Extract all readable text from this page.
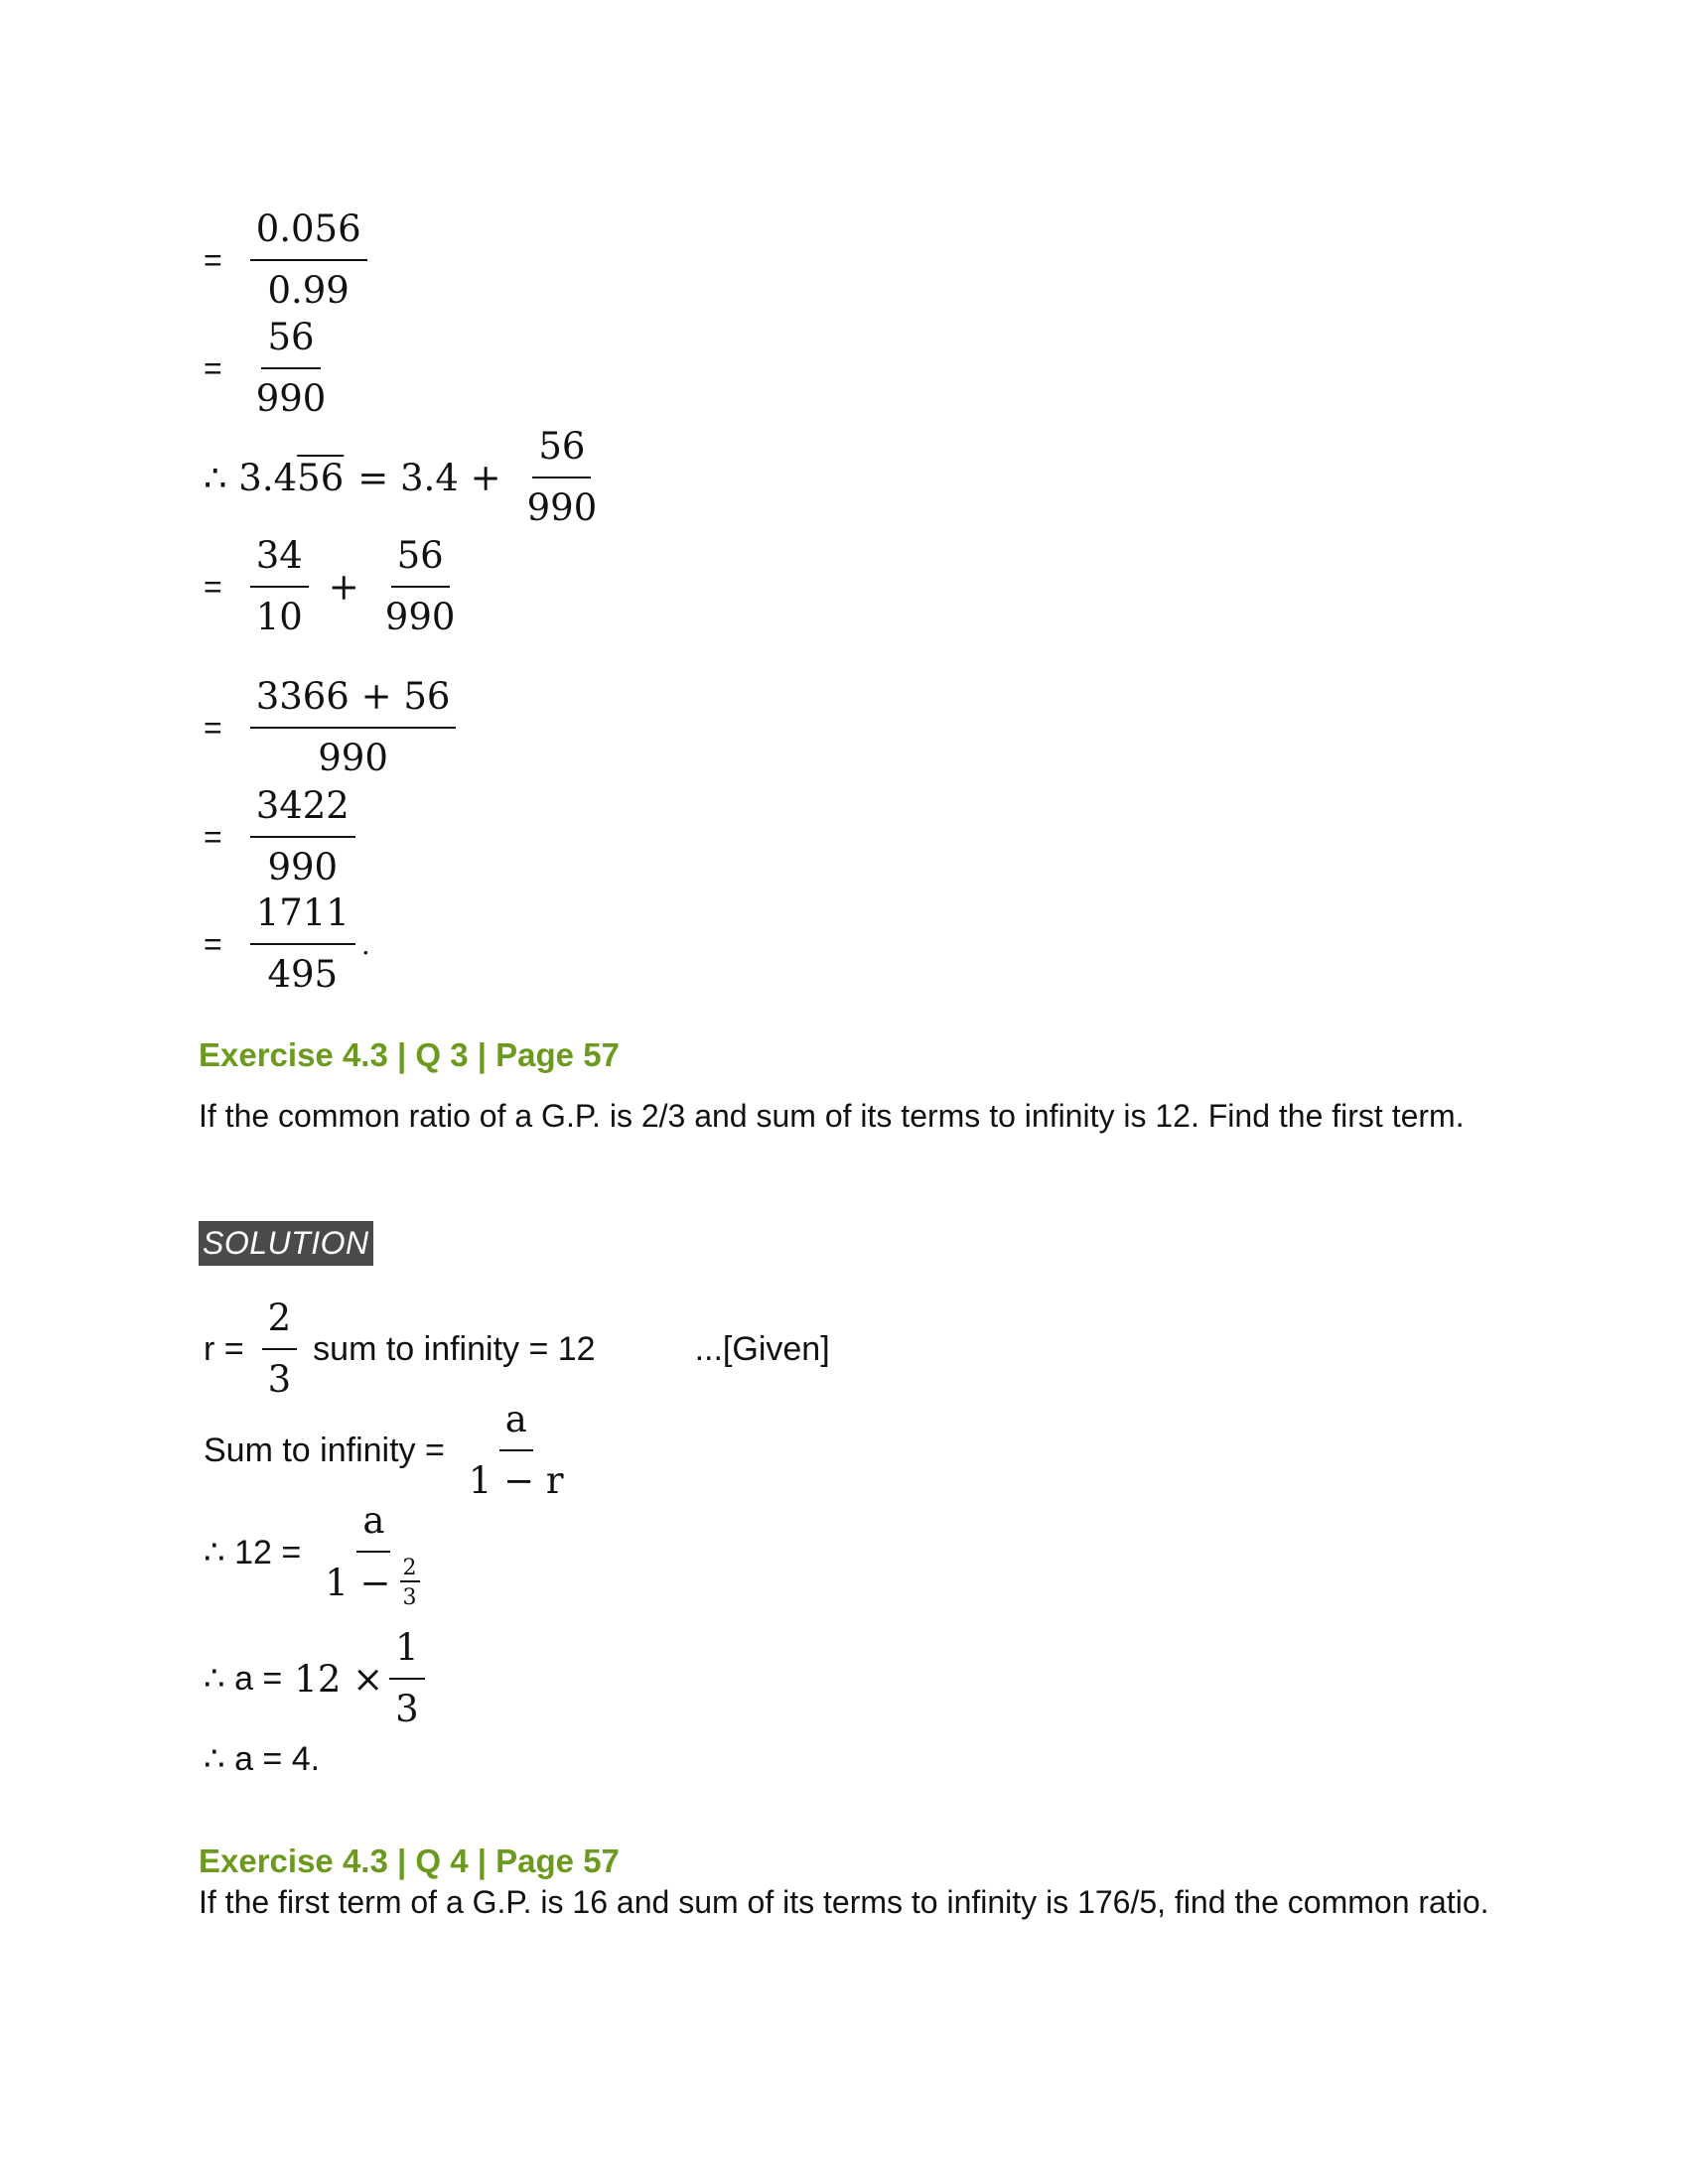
= $\frac{0.056}{0.99}$
= $\frac{56}{990}$
∴ 3.4 $56 = 3.4 + \frac{56}{990}$
= $\frac{34}{10} + \frac{56}{990}$
= $\frac{3366 + 56}{990}$
= $\frac{3422}{990}$
= $\frac{1711}{495}$ .
Exercise 4.3 | Q 3 | Page 57
If the common ratio of a G.P. is 2/3 and sum of its terms to infinity is 12. Find the first term.
SOLUTION
$r = \frac{2}{3}$ sum to infinity = 12	...[Given]
Sum to infinity = $\frac{a}{1 - r}$
∴ $12 = \frac{a}{1 - \frac{2}{3}}$
∴ $a = 12 \times \frac{1}{3}$
∴ a = 4.
Exercise 4.3 | Q 4 | Page 57
If the first term of a G.P. is 16 and sum of its terms to infinity is 176/5, find the common ratio.
